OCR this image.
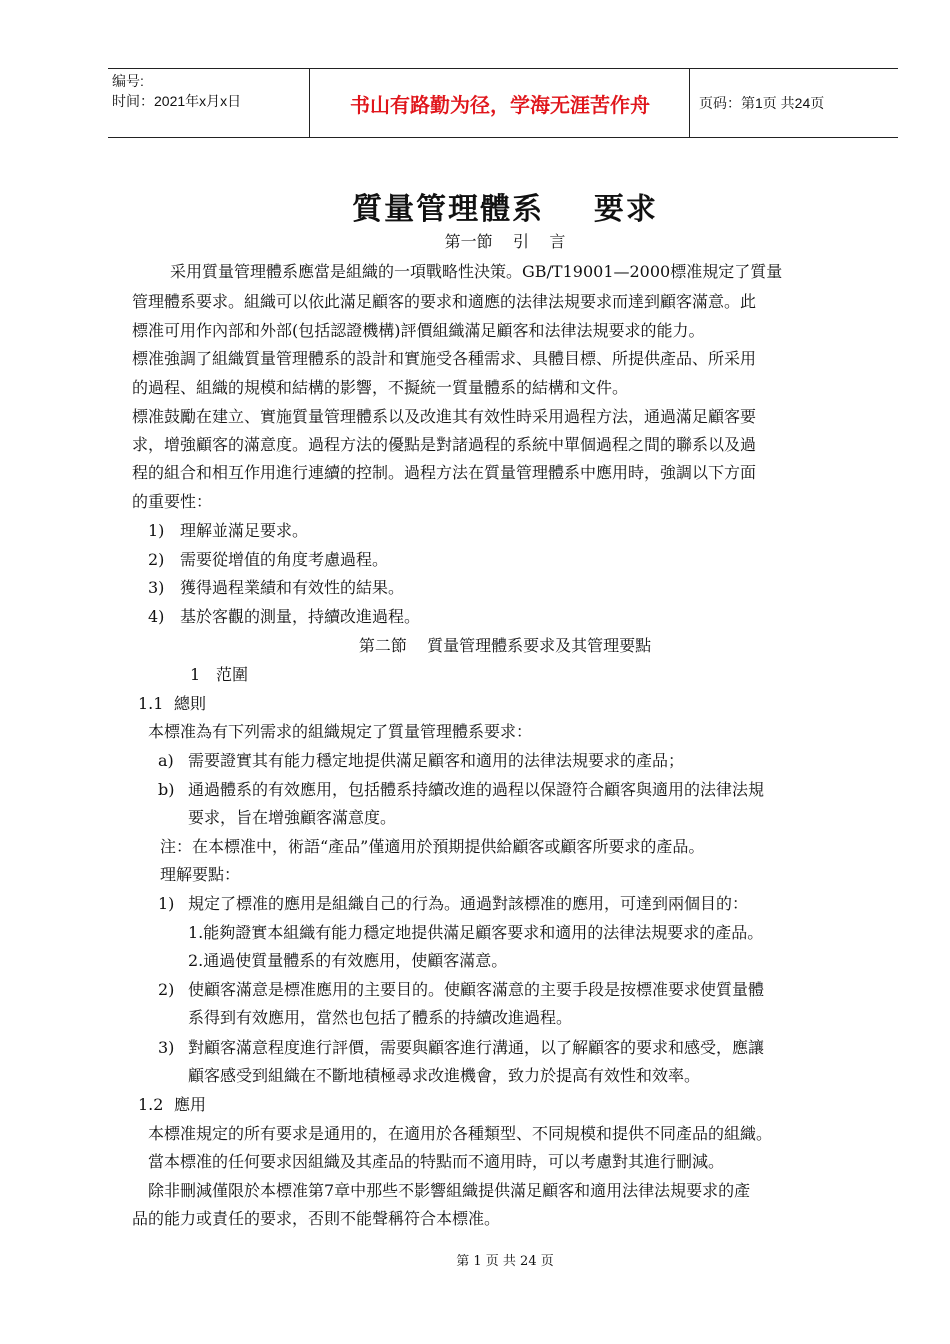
编号:
时间：2021年x月x日	书山有路勤为径，学海无涯苦作舟	页码：第1页 共24页
質量管理體系    要求
第一節    引    言
采用質量管理體系應當是組織的一項戰略性決策。GB/T19001—2000標准規定了質量
管理體系要求。組織可以依此滿足顧客的要求和適應的法律法規要求而達到顧客滿意。此
標准可用作內部和外部(包括認證機構)評價組織滿足顧客和法律法規要求的能力。
標准強調了組織質量管理體系的設計和實施受各種需求、具體目標、所提供產品、所采用
的過程、組織的規模和結構的影響，不擬統一質量體系的結構和文件。
標准鼓勵在建立、實施質量管理體系以及改進其有效性時采用過程方法，通過滿足顧客要
求，增強顧客的滿意度。過程方法的優點是對諸過程的系統中單個過程之間的聯系以及過
程的組合和相互作用進行連續的控制。過程方法在質量管理體系中應用時，強調以下方面
的重要性：
1) 理解並滿足要求。
2) 需要從增值的角度考慮過程。
3) 獲得過程業績和有效性的結果。
4) 基於客觀的測量，持續改進過程。
第二節    質量管理體系要求及其管理要點
1 范圍
1.1 總則
本標准為有下列需求的組織規定了質量管理體系要求：
a) 需要證實其有能力穩定地提供滿足顧客和適用的法律法規要求的產品；
b) 通過體系的有效應用，包括體系持續改進的過程以保證符合顧客與適用的法律法規
要求，旨在增強顧客滿意度。
注：在本標准中，術語“產品”僅適用於預期提供給顧客或顧客所要求的產品。
理解要點：
1) 規定了標准的應用是組織自己的行為。通過對該標准的應用，可達到兩個目的：
1.能夠證實本組織有能力穩定地提供滿足顧客要求和適用的法律法規要求的產品。
2.通過使質量體系的有效應用，使顧客滿意。
2) 使顧客滿意是標准應用的主要目的。使顧客滿意的主要手段是按標准要求使質量體
系得到有效應用，當然也包括了體系的持續改進過程。
3) 對顧客滿意程度進行評價，需要與顧客進行溝通，以了解顧客的要求和感受，應讓
顧客感受到組織在不斷地積極尋求改進機會，致力於提高有效性和效率。
1.2 應用
本標准規定的所有要求是通用的，在適用於各種類型、不同規模和提供不同產品的組織。
當本標准的任何要求因組織及其產品的特點而不適用時，可以考慮對其進行刪減。
除非刪減僅限於本標准第7章中那些不影響組織提供滿足顧客和適用法律法規要求的產
品的能力或責任的要求，否則不能聲稱符合本標准。
第 1 页 共 24 页
